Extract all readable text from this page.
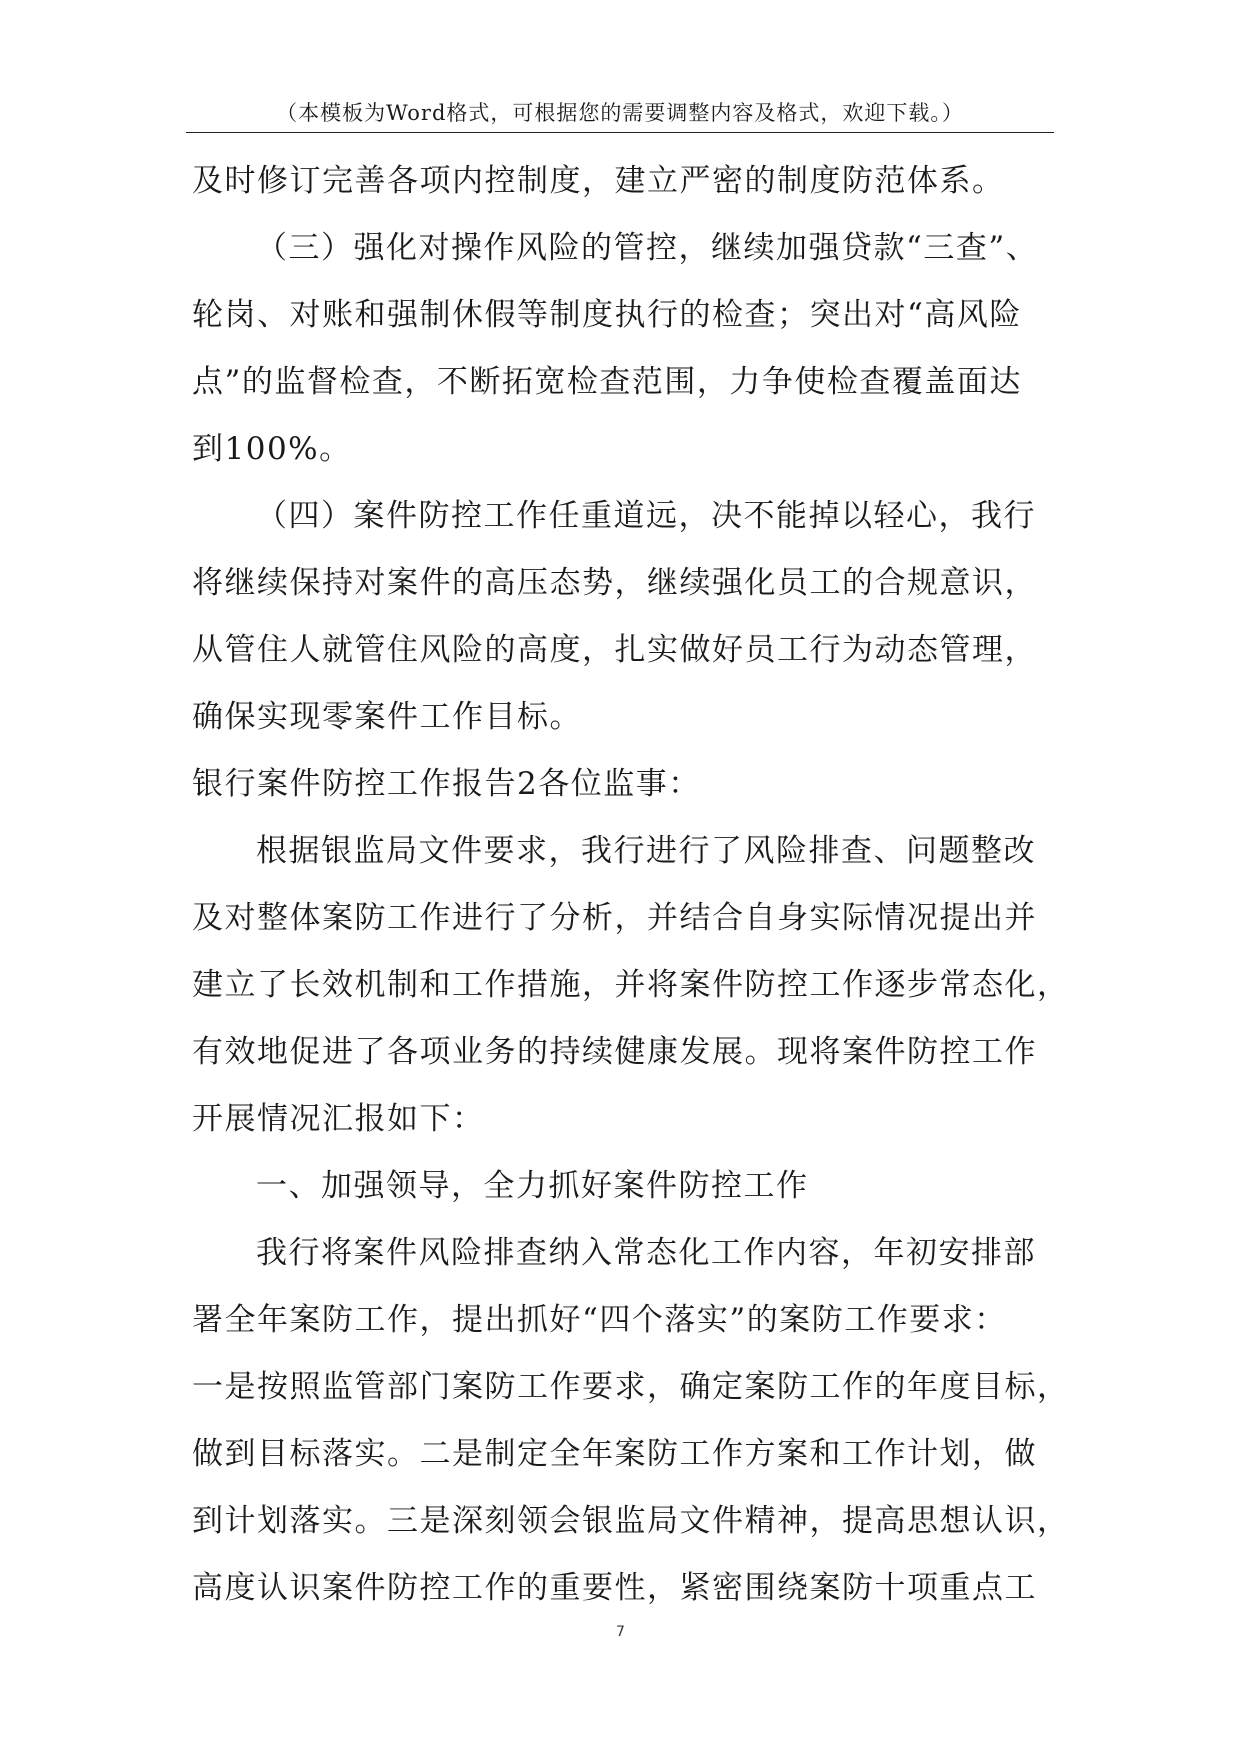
（本模板为Word格式，可根据您的需要调整内容及格式，欢迎下载。）
及时修订完善各项内控制度，建立严密的制度防范体系。
（三）强化对操作风险的管控，继续加强贷款“三查”、
轮岗、对账和强制休假等制度执行的检查；突出对“高风险
点”的监督检查，不断拓宽检查范围，力争使检查覆盖面达
到100%。
（四）案件防控工作任重道远，决不能掉以轻心，我行
将继续保持对案件的高压态势，继续强化员工的合规意识，
从管住人就管住风险的高度，扎实做好员工行为动态管理，
确保实现零案件工作目标。
银行案件防控工作报告2各位监事：
根据银监局文件要求，我行进行了风险排查、问题整改
及对整体案防工作进行了分析，并结合自身实际情况提出并
建立了长效机制和工作措施，并将案件防控工作逐步常态化，
有效地促进了各项业务的持续健康发展。现将案件防控工作
开展情况汇报如下：
一、加强领导，全力抓好案件防控工作
我行将案件风险排查纳入常态化工作内容，年初安排部
署全年案防工作，提出抓好“四个落实”的案防工作要求：
一是按照监管部门案防工作要求，确定案防工作的年度目标，
做到目标落实。二是制定全年案防工作方案和工作计划，做
到计划落实。三是深刻领会银监局文件精神，提高思想认识，
高度认识案件防控工作的重要性，紧密围绕案防十项重点工
7
